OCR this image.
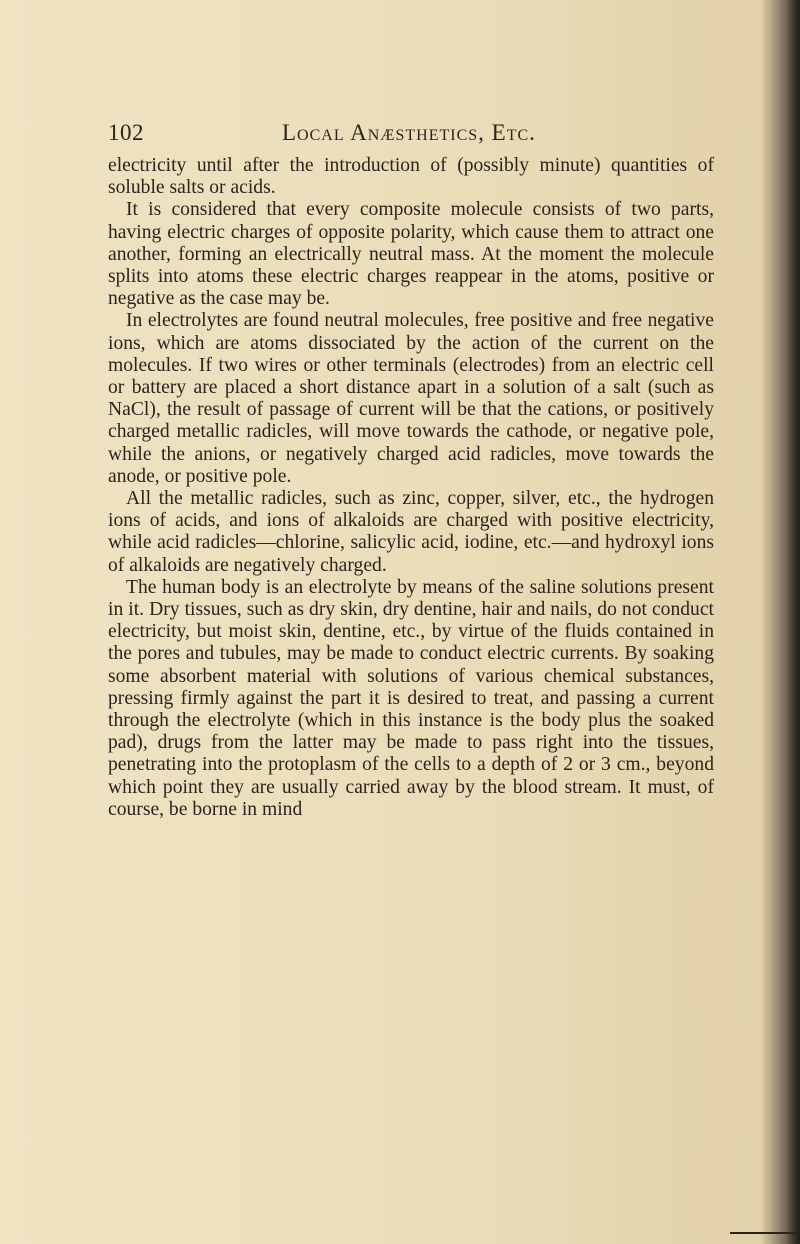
102	Local Anæsthetics, Etc.

electricity until after the introduction of (possibly minute) quantities of soluble salts or acids.

It is considered that every composite molecule consists of two parts, having electric charges of opposite polarity, which cause them to attract one another, forming an electrically neutral mass. At the moment the molecule splits into atoms these electric charges reappear in the atoms, positive or negative as the case may be.

In electrolytes are found neutral molecules, free positive and free negative ions, which are atoms dissociated by the action of the current on the molecules. If two wires or other terminals (electrodes) from an electric cell or battery are placed a short distance apart in a solution of a salt (such as NaCl), the result of passage of current will be that the cations, or positively charged metallic radicles, will move towards the cathode, or negative pole, while the anions, or negatively charged acid radicles, move towards the anode, or positive pole.

All the metallic radicles, such as zinc, copper, silver, etc., the hydrogen ions of acids, and ions of alkaloids are charged with positive electricity, while acid radicles—chlorine, salicylic acid, iodine, etc.—and hydroxyl ions of alkaloids are negatively charged.

The human body is an electrolyte by means of the saline solutions present in it. Dry tissues, such as dry skin, dry dentine, hair and nails, do not conduct electricity, but moist skin, dentine, etc., by virtue of the fluids contained in the pores and tubules, may be made to conduct electric currents. By soaking some absorbent material with solutions of various chemical substances, pressing firmly against the part it is desired to treat, and passing a current through the electrolyte (which in this instance is the body plus the soaked pad), drugs from the latter may be made to pass right into the tissues, penetrating into the protoplasm of the cells to a depth of 2 or 3 cm., beyond which point they are usually carried away by the blood stream. It must, of course, be borne in mind
